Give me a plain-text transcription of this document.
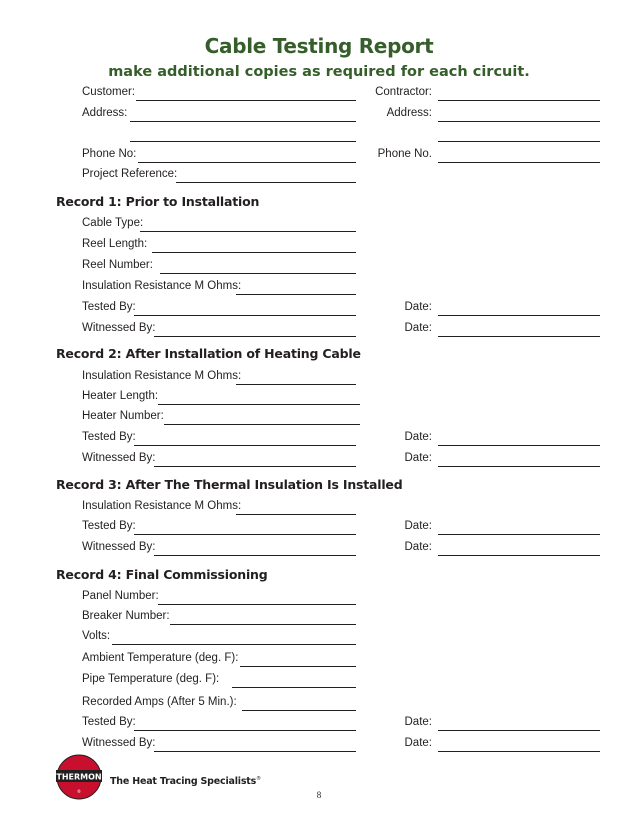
Cable Testing Report
make additional copies as required for each circuit.
Customer:	Contractor:
Address:	Address:
Phone No:	Phone No.
Project Reference:
Record 1: Prior to Installation
Cable Type:
Reel Length:
Reel Number:
Insulation Resistance M Ohms:
Tested By:	Date:
Witnessed By:	Date:
Record 2: After Installation of Heating Cable
Insulation Resistance M Ohms:
Heater Length:
Heater Number:
Tested By:	Date:
Witnessed By:	Date:
Record 3: After The Thermal Insulation Is Installed
Insulation Resistance M Ohms:
Tested By:	Date:
Witnessed By:	Date:
Record 4: Final Commissioning
Panel Number:
Breaker Number:
Volts:
Ambient Temperature (deg. F):
Pipe Temperature (deg. F):
Recorded Amps (After 5 Min.):
Tested By:	Date:
Witnessed By:	Date:
THERMON
®
The Heat Tracing Specialists®
8
